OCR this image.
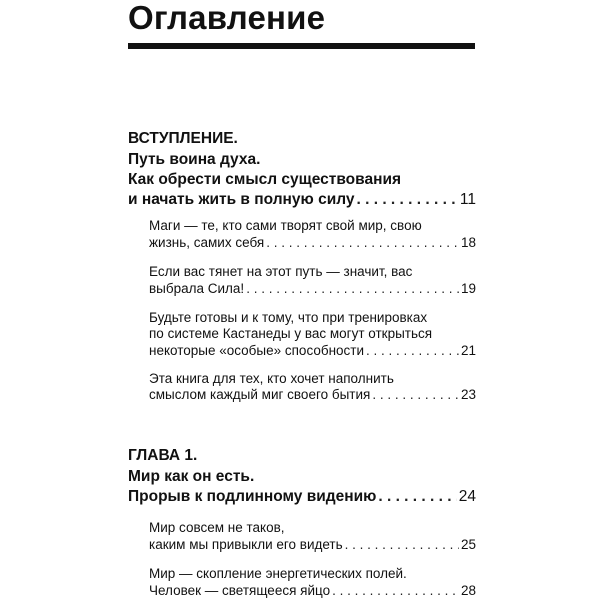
Оглавление
ВСТУПЛЕНИЕ.
Путь воина духа.
Как обрести смысл существования
и начать жить в полную силу . . .	11
Маги — те, кто сами творят свой мир, свою
жизнь, самих себя . . .	18
Если вас тянет на этот путь — значит, вас
выбрала Сила! . . .	19
Будьте готовы и к тому, что при тренировках
по системе Кастанеды у вас могут открыться
некоторые «особые» способности . . .	21
Эта книга для тех, кто хочет наполнить
смыслом каждый миг своего бытия . . .	23
ГЛАВА 1.
Мир как он есть.
Прорыв к подлинному видению . . .	24
Мир совсем не таков,
каким мы привыкли его видеть . . .	25
Мир — скопление энергетических полей.
Человек — светящееся яйцо . . .	28
